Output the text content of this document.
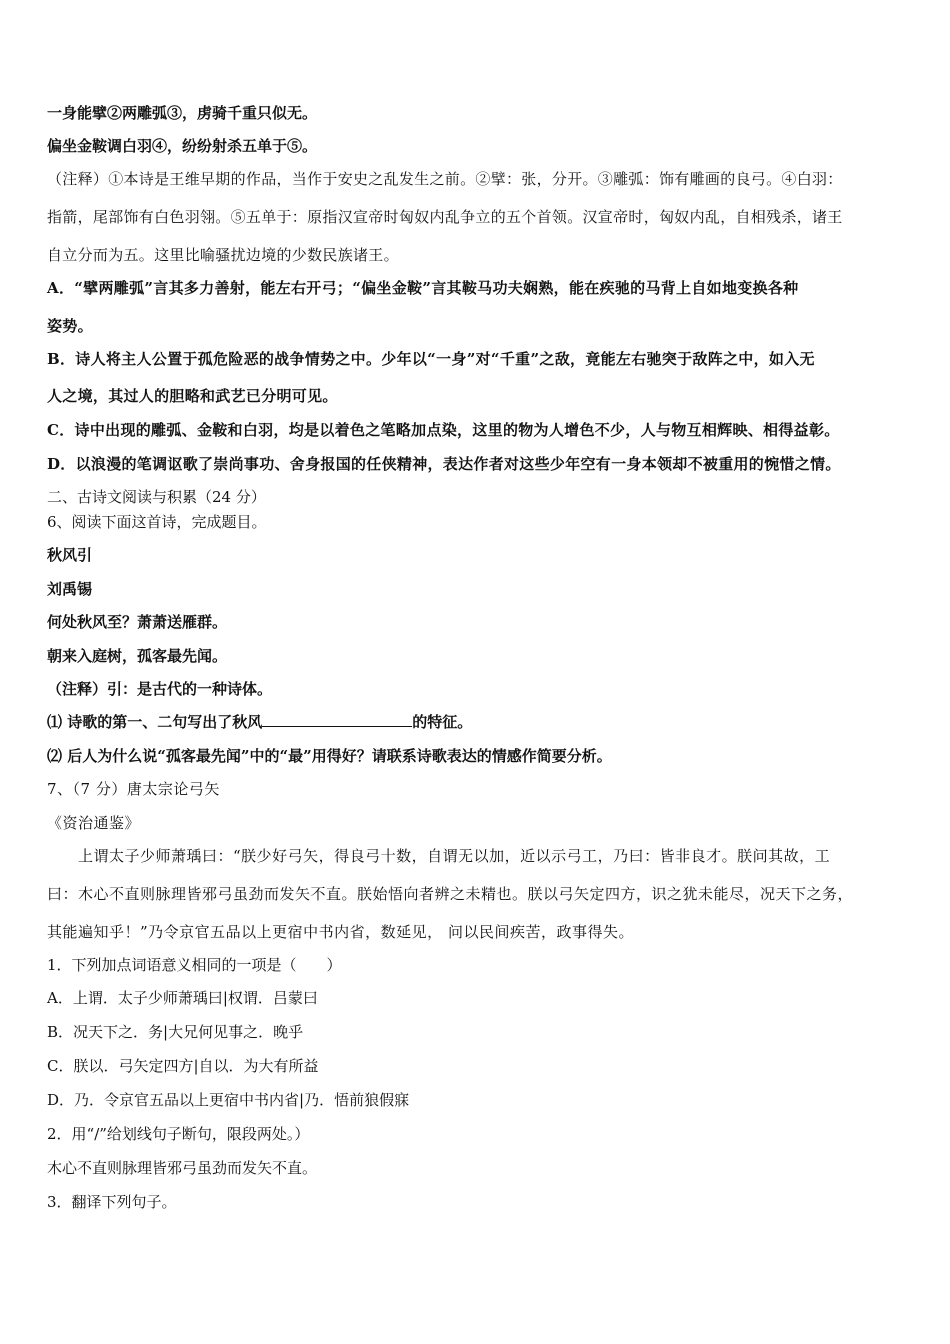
一身能擘②两雕弧③，虏骑千重只似无。
偏坐金鞍调白羽④，纷纷射杀五单于⑤。
（注释）①本诗是王维早期的作品，当作于安史之乱发生之前。②擘：张，分开。③雕弧：饰有雕画的良弓。④白羽：
指箭，尾部饰有白色羽翎。⑤五单于：原指汉宣帝时匈奴内乱争立的五个首领。汉宣帝时，匈奴内乱，自相残杀，诸王
自立分而为五。这里比喻骚扰边境的少数民族诸王。
A．“擘两雕弧”言其多力善射，能左右开弓；“偏坐金鞍”言其鞍马功夫娴熟，能在疾驰的马背上自如地变换各种
姿势。
B．诗人将主人公置于孤危险恶的战争情势之中。少年以“一身”对“千重”之敌，竟能左右驰突于敌阵之中，如入无
人之境，其过人的胆略和武艺已分明可见。
C．诗中出现的雕弧、金鞍和白羽，均是以着色之笔略加点染，这里的物为人增色不少，人与物互相辉映、相得益彰。
D．以浪漫的笔调讴歌了崇尚事功、舍身报国的任侠精神，表达作者对这些少年空有一身本领却不被重用的惋惜之情。
二、古诗文阅读与积累（24 分）
6、阅读下面这首诗，完成题目。
秋风引
刘禹锡
何处秋风至？萧萧送雁群。
朝来入庭树，孤客最先闻。
（注释）引：是古代的一种诗体。
⑴ 诗歌的第一、二句写出了秋风	的特征。
⑵ 后人为什么说“孤客最先闻”中的“最”用得好？请联系诗歌表达的情感作简要分析。
7、（7 分）唐太宗论弓矢
《资治通鉴》
　　上谓太子少师萧瑀曰：“朕少好弓矢，得良弓十数，自谓无以加，近以示弓工，乃曰：皆非良才。朕问其故，工
曰：木心不直则脉理皆邪弓虽劲而发矢不直。朕始悟向者辨之未精也。朕以弓矢定四方，识之犹未能尽，况天下之务，
其能遍知乎！”乃令京官五品以上更宿中书内省，数延见， 问以民间疾苦，政事得失。
1．下列加点词语意义相同的一项是（　　）
A．上谓．太子少师萧瑀曰|权谓．吕蒙曰
B．况天下之．务|大兄何见事之．晚乎
C．朕以．弓矢定四方|自以．为大有所益
D．乃．令京官五品以上更宿中书内省|乃．悟前狼假寐
2．用“/”给划线句子断句，限段两处。）
木心不直则脉理皆邪弓虽劲而发矢不直。
3．翻译下列句子。
